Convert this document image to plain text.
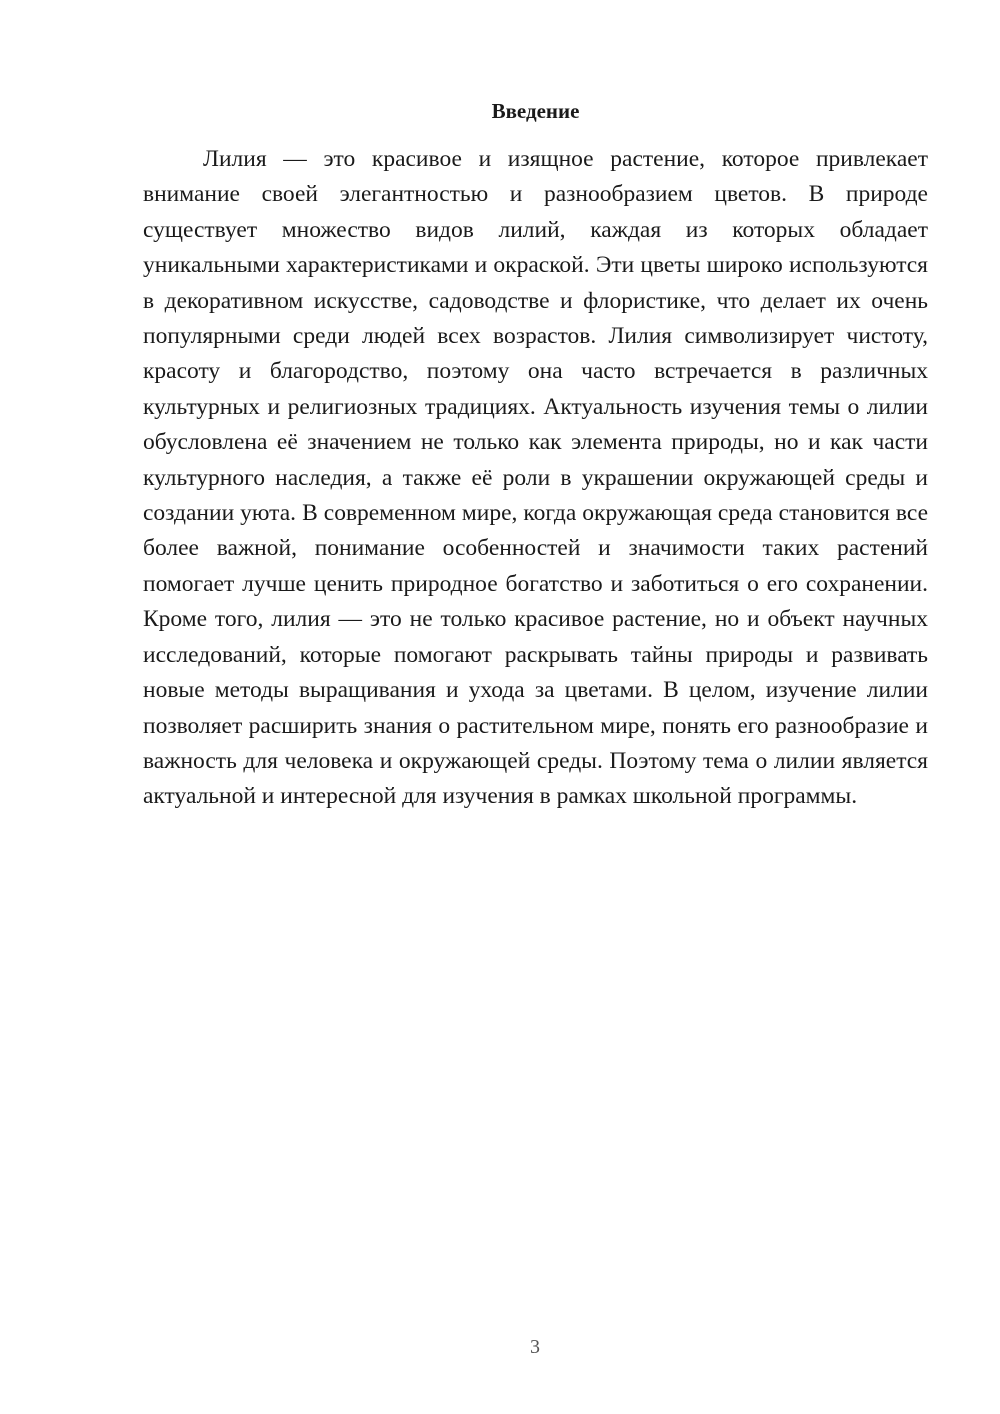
Введение

Лилия — это красивое и изящное растение, которое привлекает внимание своей элегантностью и разнообразием цветов. В природе существует множество видов лилий, каждая из которых обладает уникальными характеристиками и окраской. Эти цветы широко используются в декоративном искусстве, садоводстве и флористике, что делает их очень популярными среди людей всех возрастов. Лилия символизирует чистоту, красоту и благородство, поэтому она часто встречается в различных культурных и религиозных традициях. Актуальность изучения темы о лилии обусловлена её значением не только как элемента природы, но и как части культурного наследия, а также её роли в украшении окружающей среды и создании уюта. В современном мире, когда окружающая среда становится все более важной, понимание особенностей и значимости таких растений помогает лучше ценить природное богатство и заботиться о его сохранении. Кроме того, лилия — это не только красивое растение, но и объект научных исследований, которые помогают раскрывать тайны природы и развивать новые методы выращивания и ухода за цветами. В целом, изучение лилии позволяет расширить знания о растительном мире, понять его разнообразие и важность для человека и окружающей среды. Поэтому тема о лилии является актуальной и интересной для изучения в рамках школьной программы.

3
